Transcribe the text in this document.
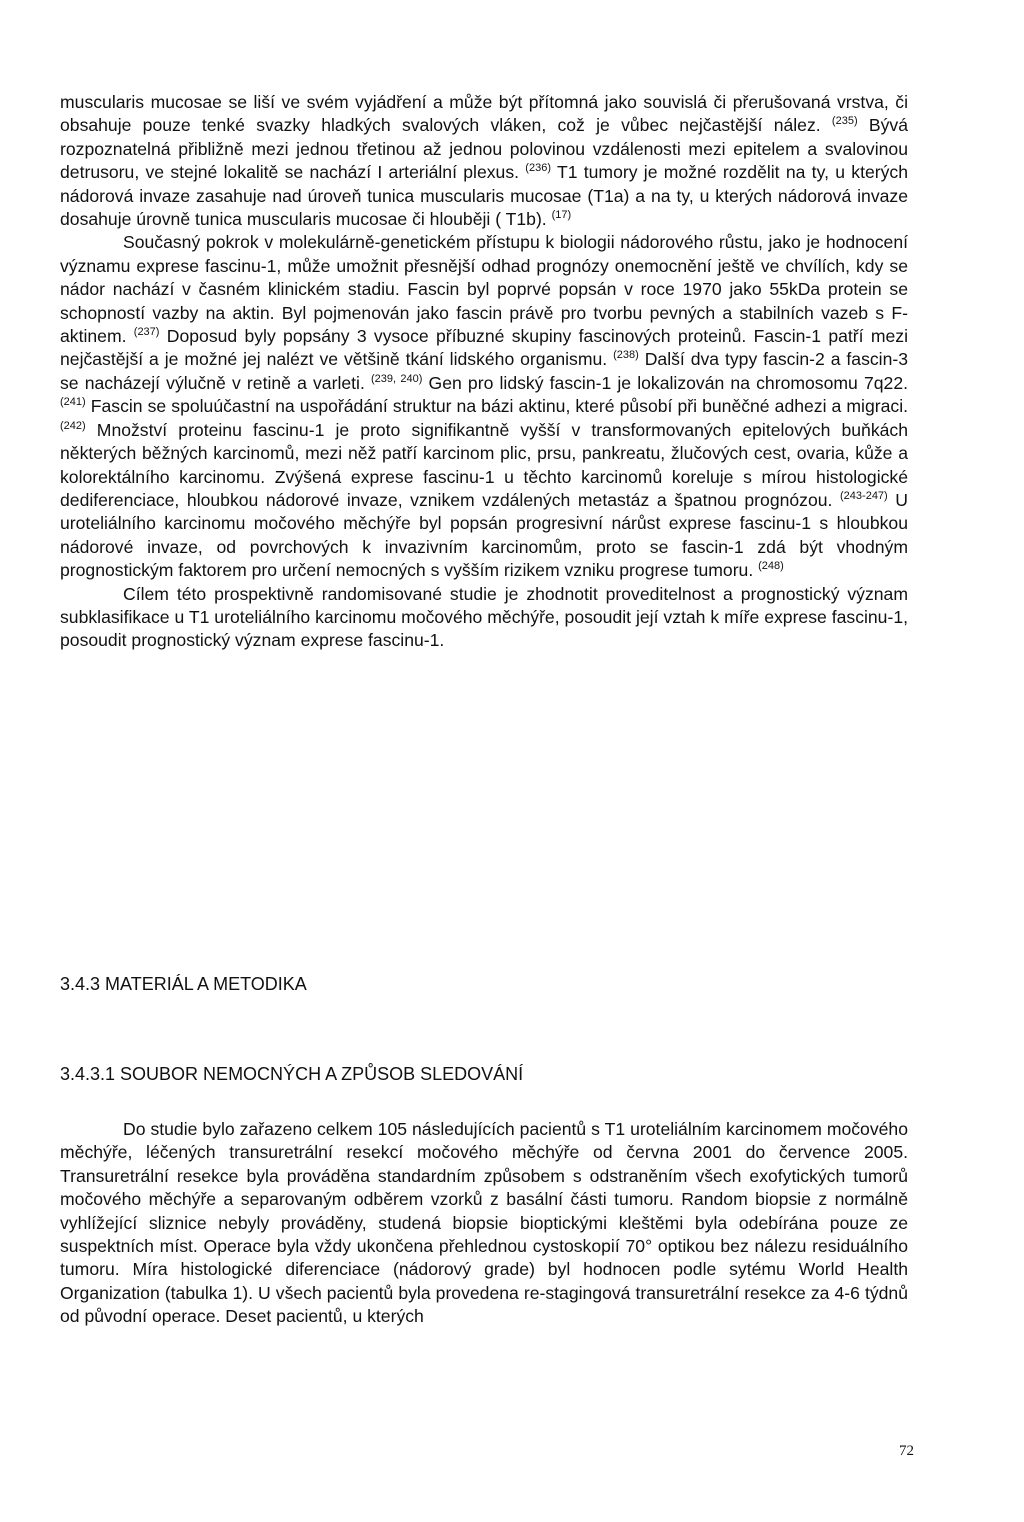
muscularis mucosae se liší ve svém vyjádření a může být přítomná jako souvislá či přerušovaná vrstva, či obsahuje pouze tenké svazky hladkých svalových vláken, což je vůbec nejčastější nález. $^{(235)}$ Bývá rozpoznatelná přibližně mezi jednou třetinou až jednou polovinou vzdálenosti mezi epitelem a svalovinou detrusoru, ve stejné lokalitě se nachází I arteriální plexus. $^{(236)}$ T1 tumory je možné rozdělit na ty, u kterých nádorová invaze zasahuje nad úroveň tunica muscularis mucosae (T1a) a na ty, u kterých nádorová invaze dosahuje úrovně tunica muscularis mucosae či hlouběji ( T1b). $^{(17)}$

Současný pokrok v molekulárně-genetickém přístupu k biologii nádorového růstu, jako je hodnocení významu exprese fascinu-1, může umožnit přesnější odhad prognózy onemocnění ještě ve chvílích, kdy se nádor nachází v časném klinickém stadiu. Fascin byl poprvé popsán v roce 1970 jako 55kDa protein se schopností vazby na aktin. Byl pojmenován jako fascin právě pro tvorbu pevných a stabilních vazeb s F-aktinem. $^{(237)}$ Doposud byly popsány 3 vysoce příbuzné skupiny fascinových proteinů. Fascin-1 patří mezi nejčastější a je možné jej nalézt ve většině tkání lidského organismu. $^{(238)}$ Další dva typy fascin-2 a fascin-3 se nacházejí výlučně v retině a varleti. $^{(239, 240)}$ Gen pro lidský fascin-1 je lokalizován na chromosomu 7q22. $^{(241)}$ Fascin se spoluúčastní na uspořádání struktur na bázi aktinu, které působí při buněčné adhezi a migraci. $^{(242)}$ Množství proteinu fascinu-1 je proto signifikantně vyšší v transformovaných epitelových buňkách některých běžných karcinomů, mezi něž patří karcinom plic, prsu, pankreatu, žlučových cest, ovaria, kůže a kolorektálního karcinomu. Zvýšená exprese fascinu-1 u těchto karcinomů koreluje s mírou histologické dediferenciace, hloubkou nádorové invaze, vznikem vzdálených metastáz a špatnou prognózou. $^{(243-247)}$ U uroteliálního karcinomu močového měchýře byl popsán progresivní nárůst exprese fascinu-1 s hloubkou nádorové invaze, od povrchových k invazivním karcinomům, proto se fascin-1 zdá být vhodným prognostickým faktorem pro určení nemocných s vyšším rizikem vzniku progrese tumoru. $^{(248)}$

Cílem této prospektivně randomisované studie je zhodnotit proveditelnost a prognostický význam subklasifikace u T1 uroteliálního karcinomu močového měchýře, posoudit její vztah k míře exprese fascinu-1, posoudit prognostický význam exprese fascinu-1.

3.4.3 MATERIÁL A METODIKA
3.4.3.1 SOUBOR NEMOCNÝCH A ZPŮSOB SLEDOVÁNÍ

Do studie bylo zařazeno celkem 105 následujících pacientů s T1 uroteliálním karcinomem močového měchýře, léčených transuretrální resekcí močového měchýře od června 2001 do července 2005. Transuretrální resekce byla prováděna standardním způsobem s odstraněním všech exofytických tumorů močového měchýře a separovaným odběrem vzorků z basální části tumoru. Random biopsie z normálně vyhlížející sliznice nebyly prováděny, studená biopsie bioptickými kleštěmi byla odebírána pouze ze suspektních míst. Operace byla vždy ukončena přehlednou cystoskopií 70° optikou bez nálezu residuálního tumoru. Míra histologické diferenciace (nádorový grade) byl hodnocen podle sytému World Health Organization (tabulka 1). U všech pacientů byla provedena re-stagingová transuretrální resekce za 4-6 týdnů od původní operace. Deset pacientů, u kterých

72
